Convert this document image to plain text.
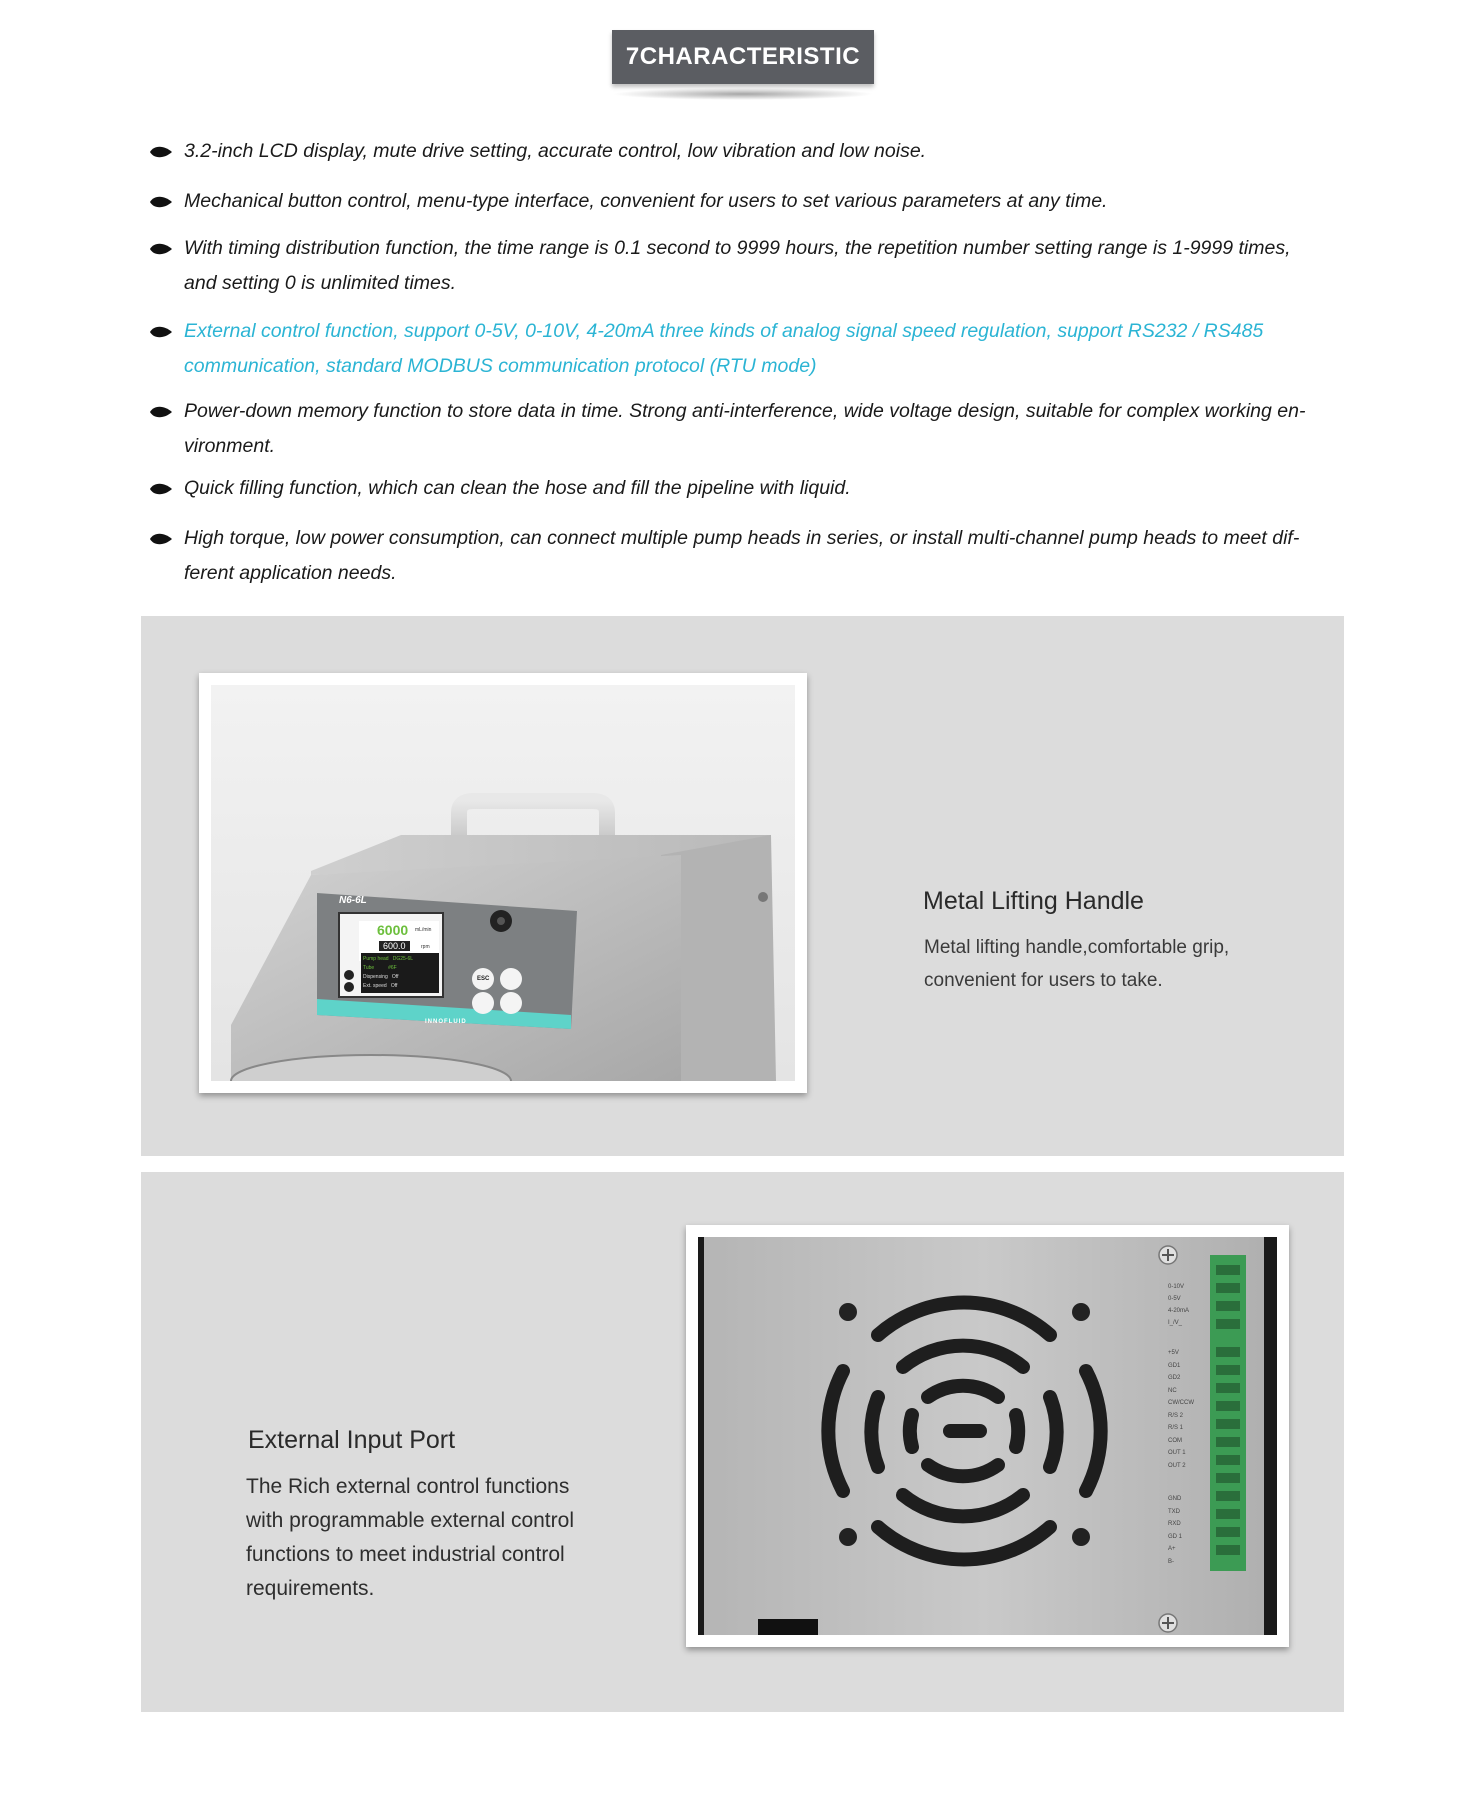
7CHARACTERISTIC
3.2-inch LCD display, mute drive setting, accurate control, low vibration and low noise.
Mechanical button control, menu-type interface, convenient for users to set various parameters at any time.
With timing distribution function, the time range is 0.1 second to 9999 hours, the repetition number setting range is 1-9999 times,
and setting 0 is unlimited times.
External control function, support 0-5V, 0-10V, 4-20mA three kinds of analog signal speed regulation, support RS232 / RS485
communication, standard MODBUS communication protocol (RTU mode)
Power-down memory function to store data in time. Strong anti-interference, wide voltage design, suitable for complex working en-
vironment.
Quick filling function, which can clean the hose and fill the pipeline with liquid.
High torque, low power consumption, can connect multiple pump heads in series, or install multi-channel pump heads to meet dif-
ferent application needs.
N6-6L
6000 mL/min
600.0	rpm
Pump head DG25-6L
Tube	#6F
Dispensing Off
Ext. speed Off
ESC
INNOFLUID
Metal Lifting Handle
Metal lifting handle,comfortable grip,
convenient for users to take.
External Input Port
The Rich external control functions
with programmable external control
functions to meet industrial control
requirements.
0-10V
0-5V
4-20mA
I_/V_
+5V
GD1
GD2
NC
CW/CCW
R/S 2
R/S 1
COM
OUT 1
OUT 2
GND
TXD
RXD
GD 1
A+
B-
